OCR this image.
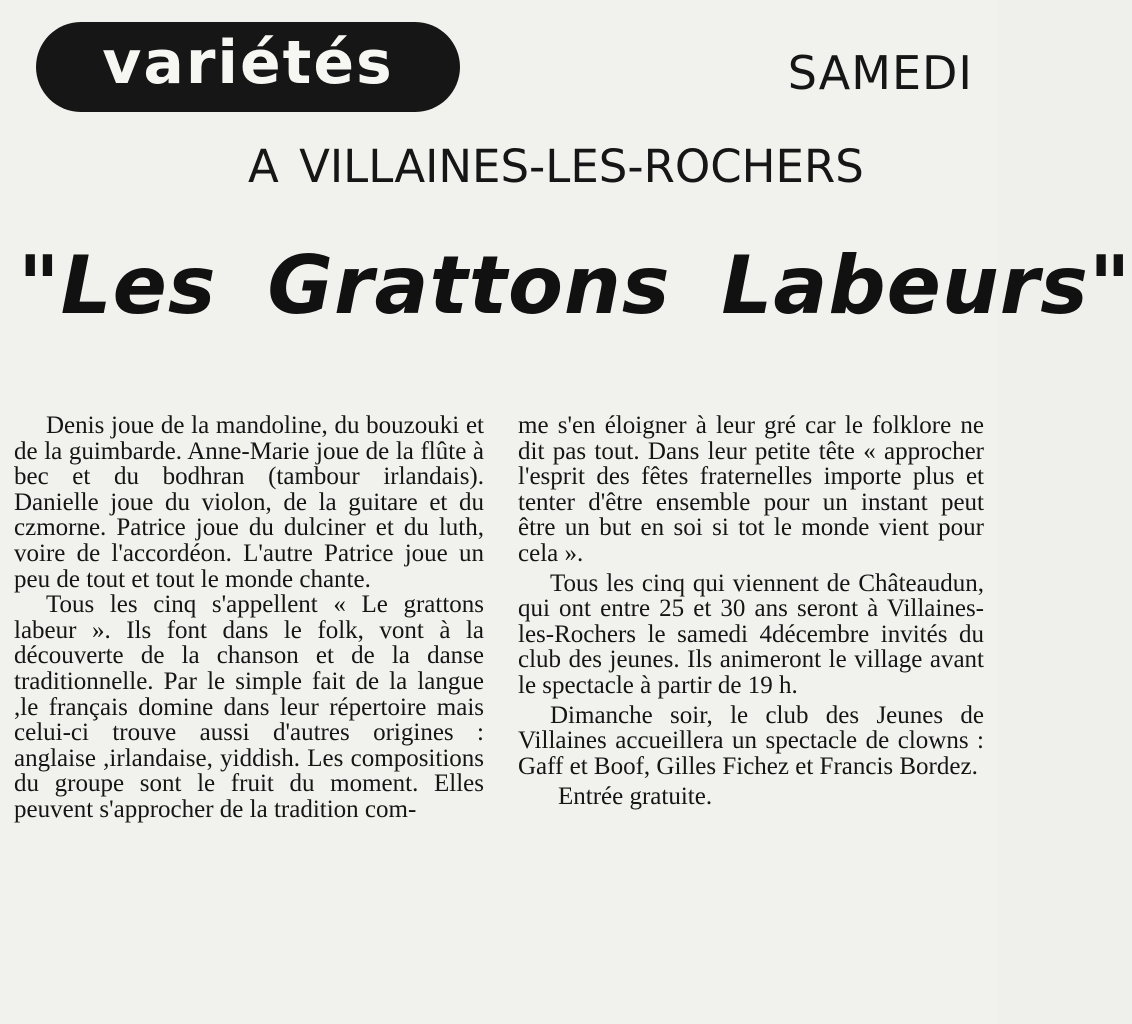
variétés	SAMEDI
A VILLAINES-LES-ROCHERS
"Les Grattons Labeurs"

Denis joue de la mandoline, du bouzouki et de la guimbarde. Anne-Marie joue de la flûte à bec et du bodhran (tambour irlandais). Danielle joue du violon, de la guitare et du czmorne. Patrice joue du dulciner et du luth, voire de l'accordéon. L'autre Patrice joue un peu de tout et tout le monde chante.

Tous les cinq s'appellent « Le grattons labeur ». Ils font dans le folk, vont à la découverte de la chanson et de la danse traditionnelle. Par le simple fait de la langue ,le français domine dans leur répertoire mais celui-ci trouve aussi d'autres origines : anglaise ,irlandaise, yiddish. Les compositions du groupe sont le fruit du moment. Elles peuvent s'approcher de la tradition com-

me s'en éloigner à leur gré car le folklore ne dit pas tout. Dans leur petite tête « approcher l'esprit des fêtes fraternelles importe plus et tenter d'être ensemble pour un instant peut être un but en soi si tot le monde vient pour cela ».

Tous les cinq qui viennent de Châteaudun, qui ont entre 25 et 30 ans seront à Villaines-les-Rochers le samedi 4décembre invités du club des jeunes. Ils animeront le village avant le spectacle à partir de 19 h.

Dimanche soir, le club des Jeunes de Villaines accueillera un spectacle de clowns : Gaff et Boof, Gilles Fichez et Francis Bordez.

Entrée gratuite.
